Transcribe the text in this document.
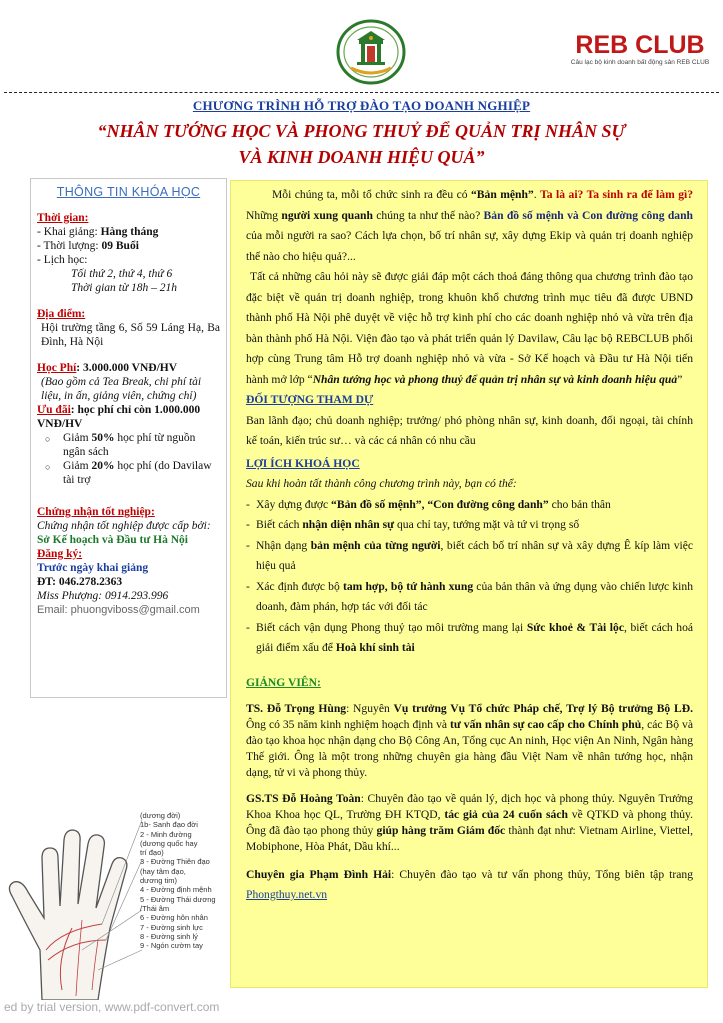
REB CLUB
Câu lạc bộ kinh doanh bất động sản REB CLUB
CHƯƠNG TRÌNH HỖ TRỢ ĐÀO TẠO DOANH NGHIỆP
“NHÂN TƯỚNG HỌC VÀ PHONG THUỶ ĐỂ QUẢN TRỊ NHÂN SỰ
VÀ KINH DOANH HIỆU QUẢ”
THÔNG TIN KHÓA HỌC
Thời gian:
- Khai giảng: Hàng tháng
- Thời lượng: 09 Buổi
- Lịch học:
Tối thứ 2, thứ 4, thứ 6
Thời gian từ 18h – 21h
Địa điểm:
Hội trường tầng 6, Số 59 Láng Hạ, Ba Đình, Hà Nội
Học Phí: 3.000.000 VNĐ/HV
(Bao gồm cả Tea Break, chi phí tài liệu, in ấn, giảng viên, chứng chỉ)
Ưu đãi: học phí chỉ còn 1.000.000 VNĐ/HV
○	Giảm 50% học phí từ nguồn ngân sách
○	Giảm 20% học phí (do Davilaw tài trợ
Chứng nhận tốt nghiệp:
Chứng nhận tốt nghiệp được cấp bởi:
Sở Kế hoạch và Đầu tư Hà Nội
Đăng ký:
Trước ngày khai giảng
ĐT: 046.278.2363
Miss Phượng: 0914.293.996
Email: phuongviboss@gmail.com

Mỗi chúng ta, mỗi tổ chức sinh ra đều có “Bản mệnh”. Ta là ai? Ta sinh ra để làm gì? Những người xung quanh chúng ta như thế nào? Bản đồ số mệnh và Con đường công danh của mỗi người ra sao? Cách lựa chọn, bố trí nhân sự, xây dựng Ekip và quản trị doanh nghiệp thế nào cho hiệu quả?...

Tất cả những câu hỏi này sẽ được giải đáp một cách thoả đáng thông qua chương trình đào tạo đặc biệt về quản trị doanh nghiệp, trong khuôn khổ chương trình mục tiêu đã được UBND thành phố Hà Nội phê duyệt về việc hỗ trợ kinh phí cho các doanh nghiệp nhỏ và vừa trên địa bàn thành phố Hà Nội. Viện đào tạo và phát triển quản lý Davilaw, Câu lạc bộ REBCLUB phối hợp cùng Trung tâm Hỗ trợ doanh nghiệp nhỏ và vừa - Sở Kế hoạch và Đầu tư Hà Nội tiến hành mở lớp “Nhân tướng học và phong thuỷ để quản trị nhân sự và kinh doanh hiệu quả”

ĐỐI TƯỢNG THAM DỰ

Ban lãnh đạo; chủ doanh nghiệp; trưởng/ phó phòng nhân sự, kinh doanh, đối ngoại, tài chính kế toán, kiến trúc sư… và các cá nhân có nhu cầu

LỢI ÍCH KHOÁ HỌC

Sau khi hoàn tất thành công chương trình này, bạn có thể:

- Xây dựng được “Bản đồ số mệnh”, “Con đường công danh” cho bản thân
- Biết cách nhận diện nhân sự qua chỉ tay, tướng mặt và tứ vi trọng số
- Nhận dạng bản mệnh của từng người, biết cách bố trí nhân sự và xây dựng Ê kíp làm việc hiệu quả
- Xác định được bộ tam hợp, bộ tứ hành xung của bản thân và ứng dụng vào chiến lược kinh doanh, đàm phán, hợp tác với đối tác
- Biết cách vận dụng Phong thuỷ tạo môi trường mang lại Sức khoẻ & Tài lộc, biết cách hoá giải điểm xấu để Hoà khí sinh tài
GIẢNG VIÊN:

TS. Đỗ Trọng Hùng: Nguyên Vụ trưởng Vụ Tổ chức Pháp chế, Trợ lý Bộ trưởng Bộ LĐ. Ông có 35 năm kinh nghiệm hoạch định và tư vấn nhân sự cao cấp cho Chính phủ, các Bộ và đào tạo khoa học nhận dạng cho Bộ Công An, Tổng cục An ninh, Học viện An Ninh, Ngân hàng Thế giới. Ông là một trong những chuyên gia hàng đầu Việt Nam về nhân tướng học, nhận dạng, tử vi và phong thủy.

GS.TS Đỗ Hoàng Toàn: Chuyên đào tạo về quản lý, dịch học và phong thủy. Nguyên Trưởng Khoa Khoa học QL, Trường ĐH KTQD, tác giả của 24 cuốn sách về QTKD và phong thủy. Ông đã đào tạo phong thủy giúp hàng trăm Giám đốc thành đạt như: Vietnam Airline, Viettel, Mobiphone, Hòa Phát, Dầu khí...

Chuyên gia Phạm Đình Hải: Chuyên đào tạo và tư vấn phong thủy, Tổng biên tập trang Phongthuy.net.vn

(dương đời)
1b- Sanh đạo đời
2 - Minh đường
(dương quốc hay
trí đạo)
3 - Đường Thiên đạo
(hay tâm đạo,
dương tim)
4 - Đường định mệnh
5 - Đường Thái dương
/Thái âm
6 - Đường hôn nhân
7 - Đường sinh lực
8 - Đường sinh lý
9 - Ngón cườm tay
ed by trial version, www.pdf-convert.com
